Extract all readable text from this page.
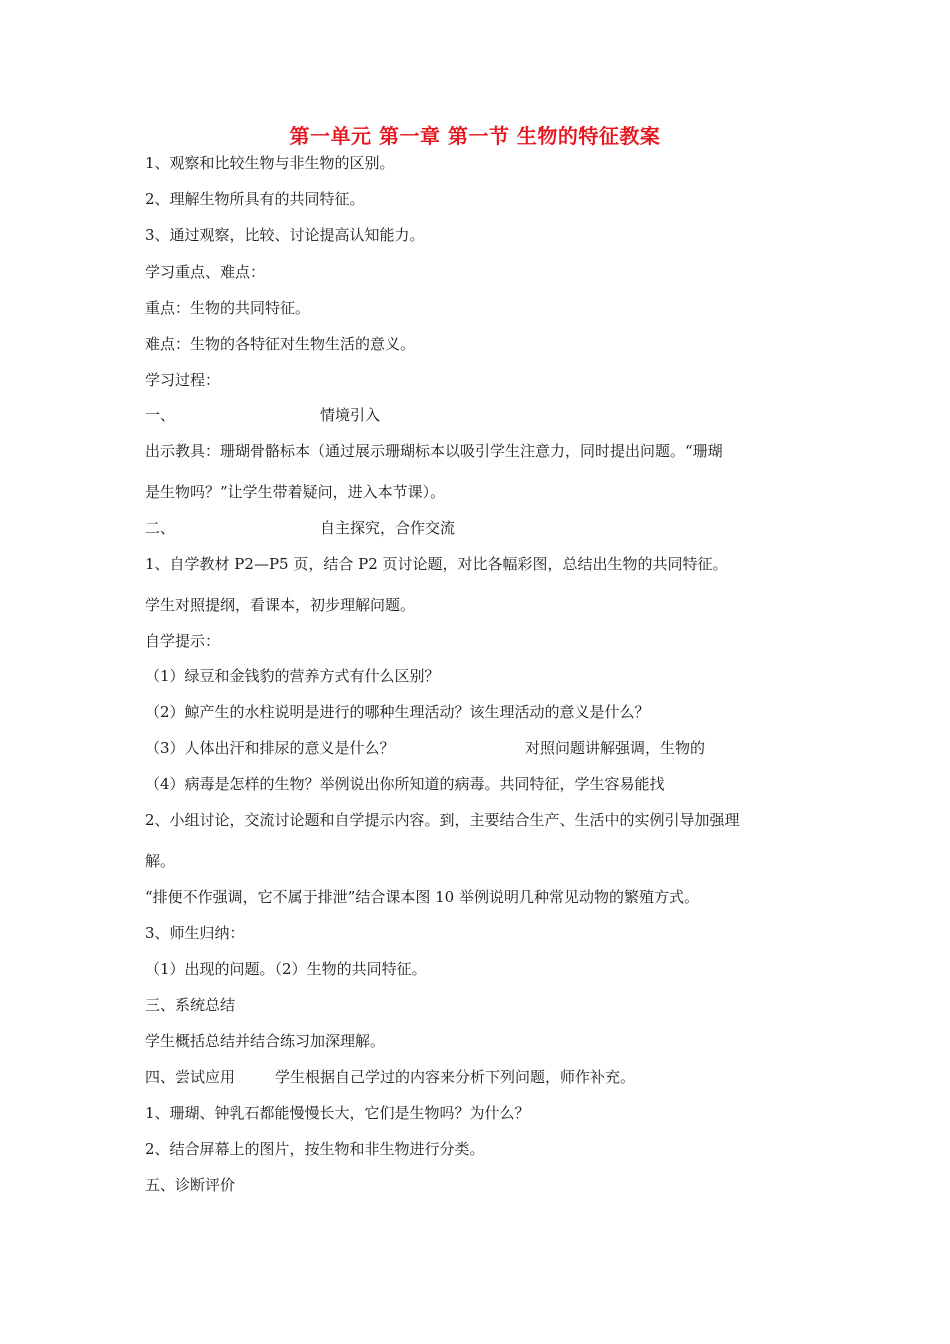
第一单元 第一章 第一节 生物的特征教案
1、观察和比较生物与非生物的区别。
2、理解生物所具有的共同特征。
3、通过观察，比较、讨论提高认知能力。
学习重点、难点：
重点：生物的共同特征。
难点：生物的各特征对生物生活的意义。
学习过程：
一、	情境引入
出示教具：珊瑚骨骼标本（通过展示珊瑚标本以吸引学生注意力，同时提出问题。“珊瑚
是生物吗？”让学生带着疑问，进入本节课）。
二、	自主探究，合作交流
1、自学教材 P2—P5 页，结合 P2 页讨论题，对比各幅彩图，总结出生物的共同特征。
学生对照提纲，看课本，初步理解问题。
自学提示：
（1）绿豆和金钱豹的营养方式有什么区别？
（2）鲸产生的水柱说明是进行的哪种生理活动？该生理活动的意义是什么？
（3）人体出汗和排尿的意义是什么？	对照问题讲解强调，生物的
（4）病毒是怎样的生物？举例说出你所知道的病毒。共同特征，学生容易能找
2、小组讨论，交流讨论题和自学提示内容。到，主要结合生产、生活中的实例引导加强理
解。
“排便不作强调，它不属于排泄”结合课本图 10 举例说明几种常见动物的繁殖方式。
3、师生归纳：
（1）出现的问题。（2）生物的共同特征。
三、系统总结
学生概括总结并结合练习加深理解。
四、尝试应用	学生根据自己学过的内容来分析下列问题，师作补充。
1、珊瑚、钟乳石都能慢慢长大，它们是生物吗？为什么？
2、结合屏幕上的图片，按生物和非生物进行分类。
五、诊断评价
